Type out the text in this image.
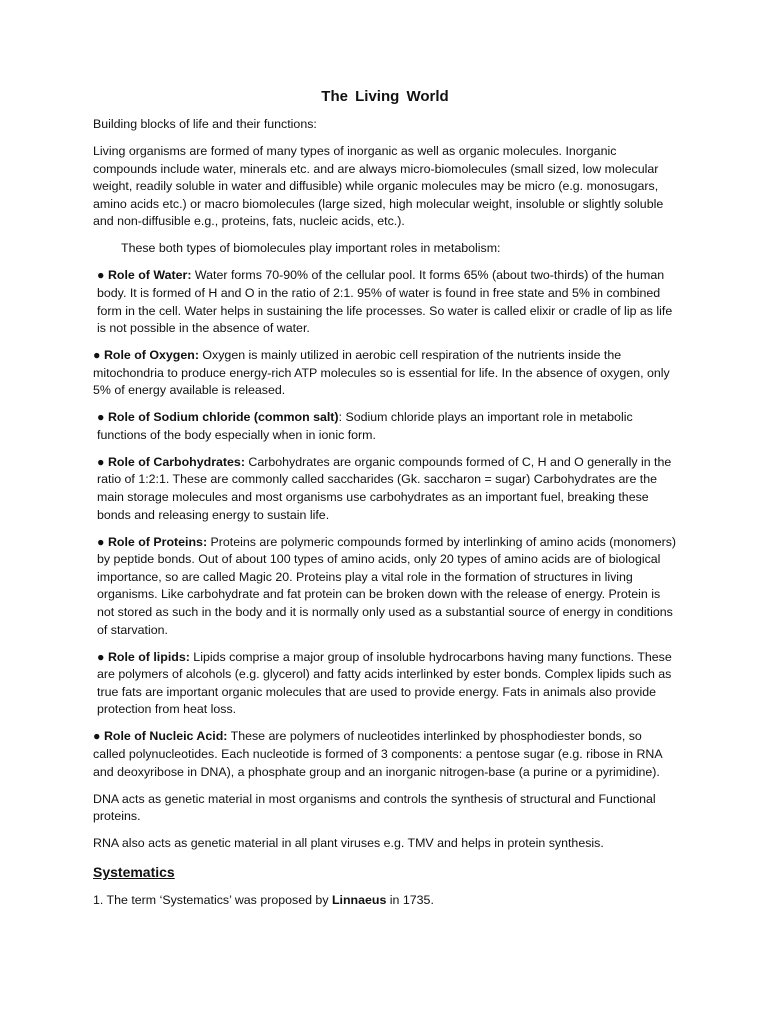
The Living World

Building blocks of life and their functions:

Living organisms are formed of many types of inorganic as well as organic molecules. Inorganic compounds include water, minerals etc. and are always micro-biomolecules (small sized, low molecular weight, readily soluble in water and diffusible) while organic molecules may be micro (e.g. monosugars, amino acids etc.) or macro biomolecules (large sized, high molecular weight, insoluble or slightly soluble and non-diffusible e.g., proteins, fats, nucleic acids, etc.).

These both types of biomolecules play important roles in metabolism:

● Role of Water: Water forms 70-90% of the cellular pool. It forms 65% (about two-thirds) of the human body. It is formed of H and O in the ratio of 2:1. 95% of water is found in free state and 5% in combined form in the cell. Water helps in sustaining the life processes. So water is called elixir or cradle of lip as life is not possible in the absence of water.

● Role of Oxygen: Oxygen is mainly utilized in aerobic cell respiration of the nutrients inside the mitochondria to produce energy-rich ATP molecules so is essential for life. In the absence of oxygen, only 5% of energy available is released.

● Role of Sodium chloride (common salt): Sodium chloride plays an important role in metabolic functions of the body especially when in ionic form.

● Role of Carbohydrates: Carbohydrates are organic compounds formed of C, H and O generally in the ratio of 1:2:1. These are commonly called saccharides (Gk. saccharon = sugar) Carbohydrates are the main storage molecules and most organisms use carbohydrates as an important fuel, breaking these bonds and releasing energy to sustain life.

● Role of Proteins: Proteins are polymeric compounds formed by interlinking of amino acids (monomers) by peptide bonds. Out of about 100 types of amino acids, only 20 types of amino acids are of biological importance, so are called Magic 20. Proteins play a vital role in the formation of structures in living organisms. Like carbohydrate and fat protein can be broken down with the release of energy. Protein is not stored as such in the body and it is normally only used as a substantial source of energy in conditions of starvation.

● Role of lipids: Lipids comprise a major group of insoluble hydrocarbons having many functions. These are polymers of alcohols (e.g. glycerol) and fatty acids interlinked by ester bonds. Complex lipids such as true fats are important organic molecules that are used to provide energy. Fats in animals also provide protection from heat loss.

● Role of Nucleic Acid: These are polymers of nucleotides interlinked by phosphodiester bonds, so called polynucleotides. Each nucleotide is formed of 3 components: a pentose sugar (e.g. ribose in RNA and deoxyribose in DNA), a phosphate group and an inorganic nitrogen-base (a purine or a pyrimidine).

DNA acts as genetic material in most organisms and controls the synthesis of structural and Functional proteins.

RNA also acts as genetic material in all plant viruses e.g. TMV and helps in protein synthesis.

Systematics

1. The term ‘Systematics’ was proposed by Linnaeus in 1735.
